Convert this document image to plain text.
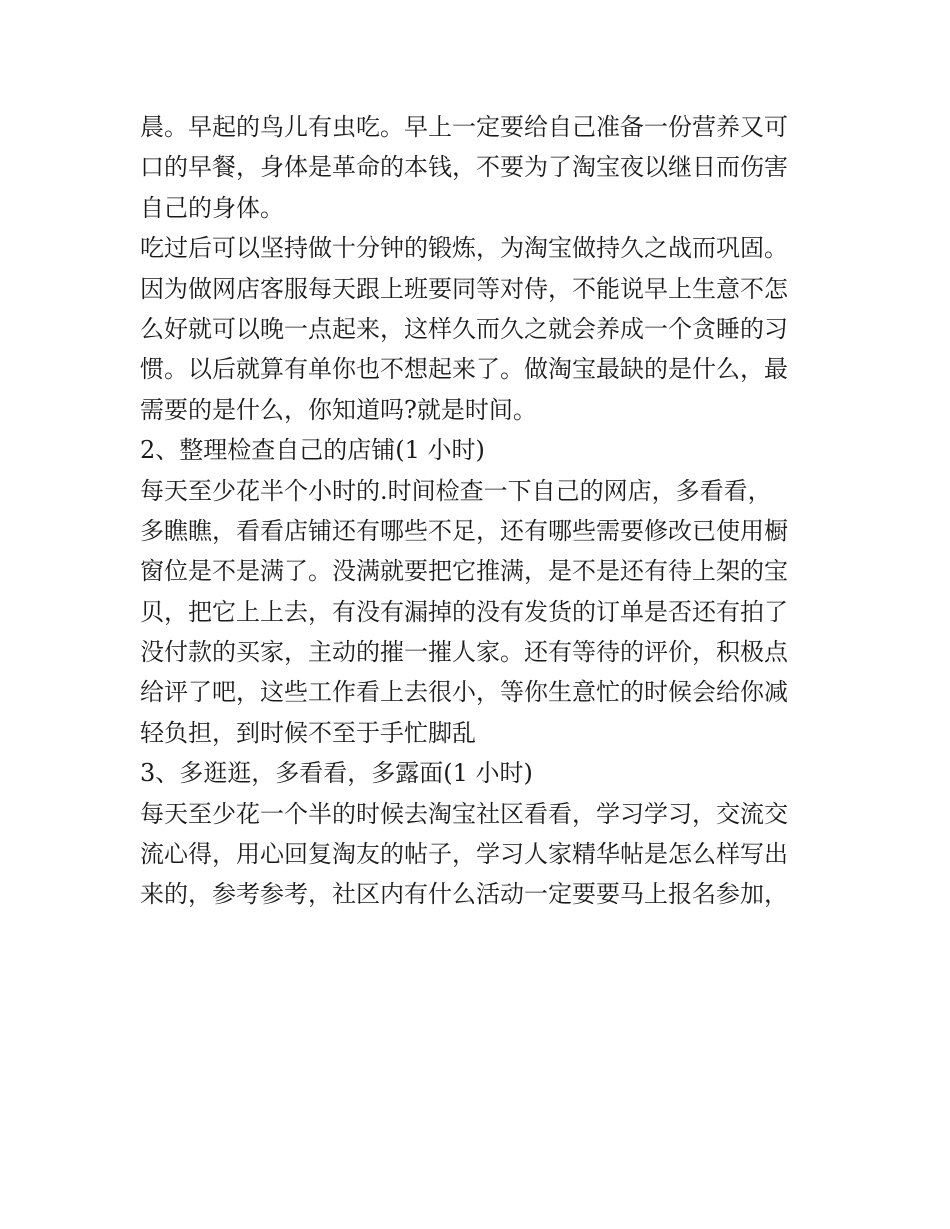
晨。早起的鸟儿有虫吃。早上一定要给自己准备一份营养又可
口的早餐，身体是革命的本钱，不要为了淘宝夜以继日而伤害
自己的身体。
吃过后可以坚持做十分钟的锻炼，为淘宝做持久之战而巩固。
因为做网店客服每天跟上班要同等对侍，不能说早上生意不怎
么好就可以晚一点起来，这样久而久之就会养成一个贪睡的习
惯。以后就算有单你也不想起来了。做淘宝最缺的是什么，最
需要的是什么，你知道吗?就是时间。
2、整理检查自己的店铺(1 小时)
每天至少花半个小时的.时间检查一下自己的网店，多看看，
多瞧瞧，看看店铺还有哪些不足，还有哪些需要修改已使用橱
窗位是不是满了。没满就要把它推满，是不是还有待上架的宝
贝，把它上上去，有没有漏掉的没有发货的订单是否还有拍了
没付款的买家，主动的摧一摧人家。还有等待的评价，积极点
给评了吧，这些工作看上去很小，等你生意忙的时候会给你减
轻负担，到时候不至于手忙脚乱
3、多逛逛，多看看，多露面(1 小时)
每天至少花一个半的时候去淘宝社区看看，学习学习，交流交
流心得，用心回复淘友的帖子，学习人家精华帖是怎么样写出
来的，参考参考，社区内有什么活动一定要要马上报名参加，
